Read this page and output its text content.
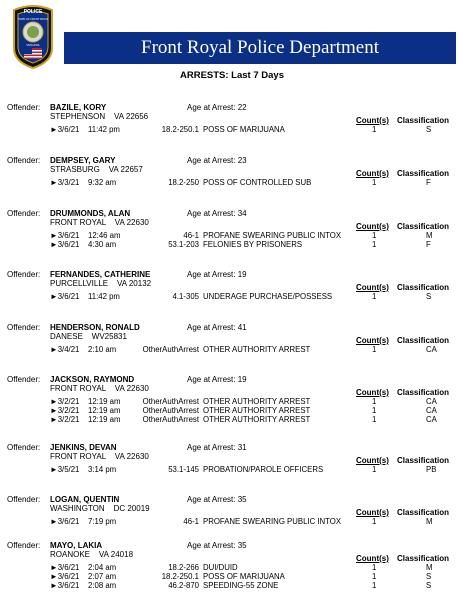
POLICE
TOWN OF FRONT ROYAL
VIRGINIA	Front Royal Police Department
ARRESTS: Last 7 Days
Offender: BAZILE, KORY	Age at Arrest: 22
STEPHENSON VA 22656	Count(s) Classification
► 3/6/21 11:42 pm	18.2-250.1 POSS OF MARIJUANA	1	S
Offender: DEMPSEY, GARY	Age at Arrest: 23
STRASBURG VA 22657	Count(s) Classification
► 3/3/21 9:32 am	18.2-250 POSS OF CONTROLLED SUB	1	F
Offender: DRUMMONDS, ALAN	Age at Arrest: 34
FRONT ROYAL VA 22630	Count(s) Classification
► 3/6/21 12:46 am	46-1 PROFANE SWEARING PUBLIC INTOX	1	M
► 3/6/21 4:30 am	53.1-203 FELONIES BY PRISONERS	1	F
Offender: FERNANDES, CATHERINE	Age at Arrest: 19
PURCELLVILLE VA 20132	Count(s) Classification
► 3/6/21 11:42 pm	4.1-305 UNDERAGE PURCHASE/POSSESS	1	S
Offender: HENDERSON, RONALD	Age at Arrest: 41
DANESE WV25831	Count(s) Classification
► 3/4/21 2:10 am	OtherAuthArrest OTHER AUTHORITY ARREST	1	CA
Offender: JACKSON, RAYMOND	Age at Arrest: 19
FRONT ROYAL VA 22630	Count(s) Classification
► 3/2/21 12:19 am	OtherAuthArrest OTHER AUTHORITY ARREST	1	CA
► 3/2/21 12:19 am	OtherAuthArrest OTHER AUTHORITY ARREST	1	CA
► 3/2/21 12:19 am	OtherAuthArrest OTHER AUTHORITY ARREST	1	CA
Offender: JENKINS, DEVAN	Age at Arrest: 31
FRONT ROYAL VA 22630	Count(s) Classification
► 3/5/21 3:14 pm	53.1-145 PROBATION/PAROLE OFFICERS	1	PB
Offender: LOGAN, QUENTIN	Age at Arrest: 35
WASHINGTON DC 20019	Count(s) Classification
► 3/6/21 7:19 pm	46-1 PROFANE SWEARING PUBLIC INTOX	1	M
Offender: MAYO, LAKIA	Age at Arrest: 35
ROANOKE VA 24018	Count(s) Classification
► 3/6/21 2:04 am	18.2-266 DUI/DUID	1	M
► 3/6/21 2:07 am	18.2-250.1 POSS OF MARIJUANA	1	S
► 3/6/21 2:08 am	46.2-870 SPEEDING-55 ZONE	1	S
